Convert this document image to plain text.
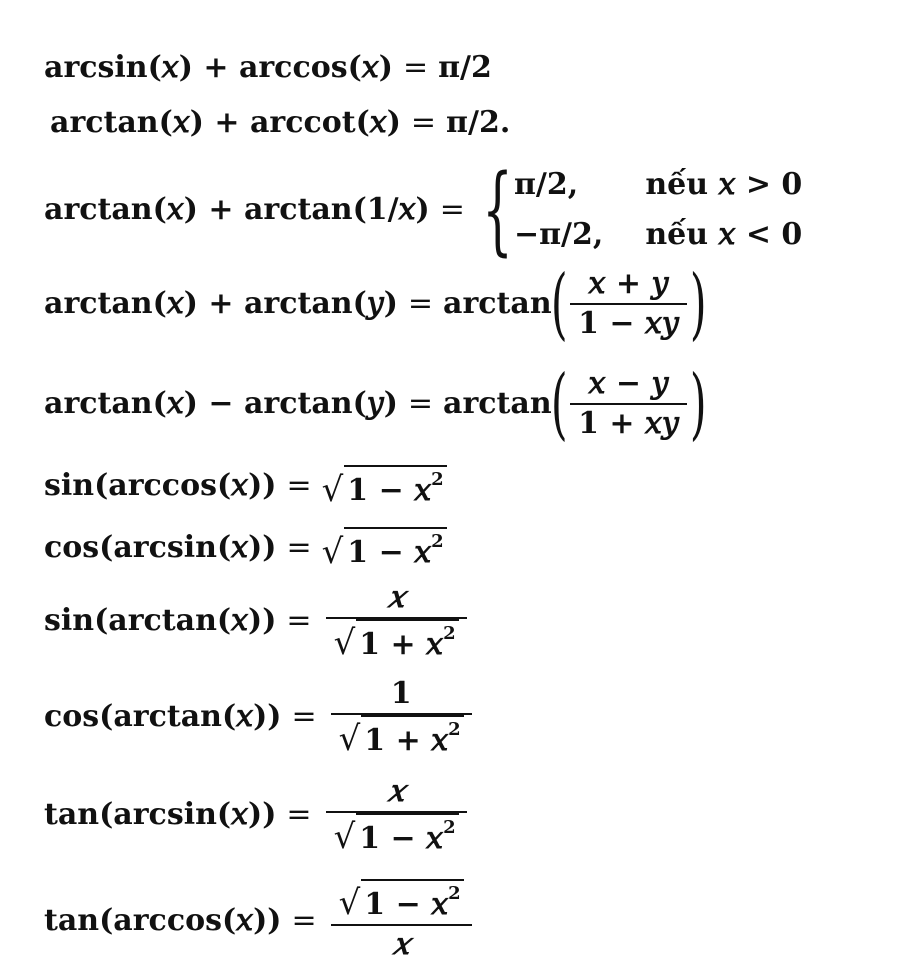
arcsin(𝑥) + arccos(𝑥) = π/2
arctan(𝑥) + arccot(𝑥) = π/2.
arctan(𝑥) + arctan(1/𝑥) = { π/2,	nếu 𝑥 > 0
−π/2, nếu 𝑥 < 0
arctan(𝑥) + arctan(𝑦) = arctan
( $\frac{\text{𝑥 + 𝑦}}{\text{1 − 𝑥𝑦}}$ )
arctan(𝑥) − arctan(𝑦) = arctan
( $\frac{\text{𝑥 − 𝑦}}{\text{1 + 𝑥𝑦}}$ )
sin(arccos(𝑥)) = √ 1 − 𝑥$^2$
cos(arcsin(𝑥)) = √ 1 − 𝑥$^2$
sin(arctan(𝑥)) = $\frac{\text{𝑥}}{√ 1 + 𝑥^2}$
cos(arctan(𝑥)) = $\frac{1}{√ 1 + 𝑥^2}$
tan(arcsin(𝑥)) = $\frac{\text{𝑥}}{√ 1 - 𝑥^2}$
tan(arccos(𝑥)) = $\frac{√ 1 - 𝑥^2}{\text{𝑥}}$
